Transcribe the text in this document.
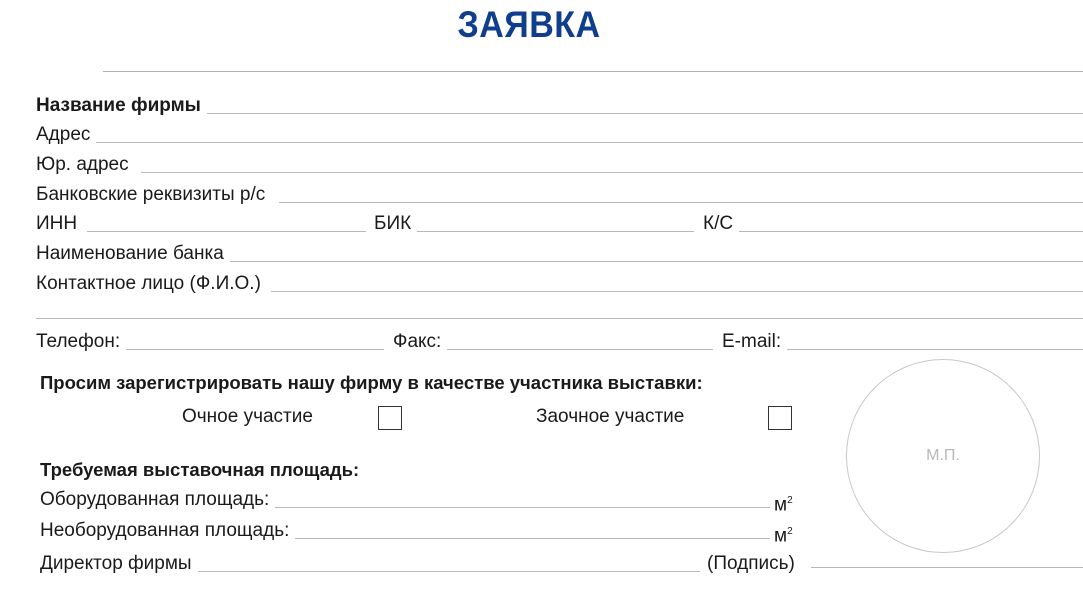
ЗАЯВКА
Название фирмы
Адрес
Юр. адрес
Банковские реквизиты р/с
ИНН	БИК	К/С
Наименование банка
Контактное лицо (Ф.И.О.)
Телефон:	Факс:	E-mail:
Просим зарегистрировать нашу фирму в качестве участника выставки:
Очное участие	Заочное участие
Требуемая выставочная площадь:
Оборудованная площадь:	$м^2$
Необорудованная площадь:	$м^2$
Директор фирмы	(Подпись)
М.П.
